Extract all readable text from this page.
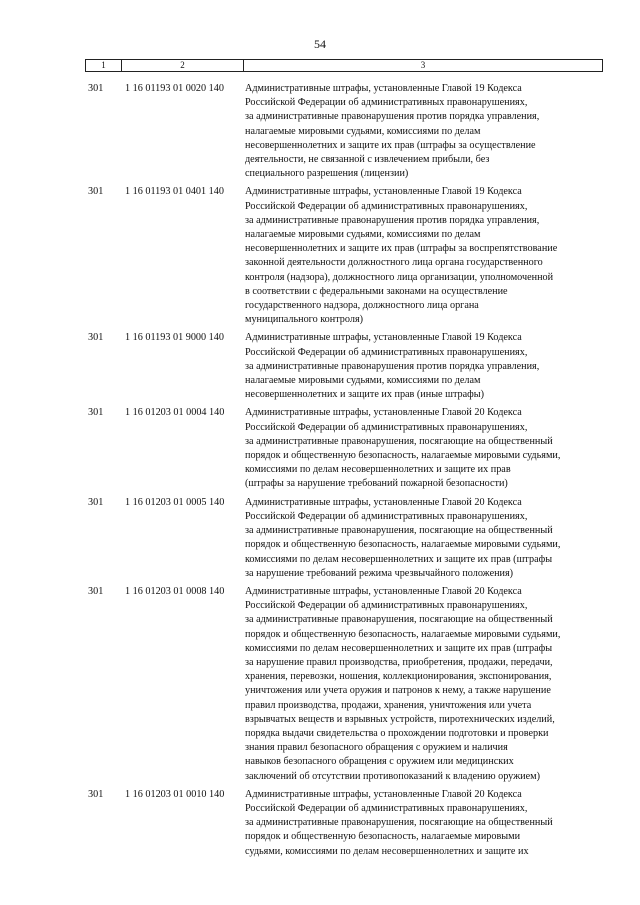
54
1	2	3
301	1 16 01193 01 0020 140	Административные штрафы, установленные Главой 19 Кодекса
Российской Федерации об административных правонарушениях,
за административные правонарушения против порядка управления,
налагаемые мировыми судьями, комиссиями по делам
несовершеннолетних и защите их прав (штрафы за осуществление
деятельности, не связанной с извлечением прибыли, без
специального разрешения (лицензии)
301	1 16 01193 01 0401 140	Административные штрафы, установленные Главой 19 Кодекса
Российской Федерации об административных правонарушениях,
за административные правонарушения против порядка управления,
налагаемые мировыми судьями, комиссиями по делам
несовершеннолетних и защите их прав (штрафы за воспрепятствование
законной деятельности должностного лица органа государственного
контроля (надзора), должностного лица организации, уполномоченной
в соответствии с федеральными законами на осуществление
государственного надзора, должностного лица органа
муниципального контроля)
301	1 16 01193 01 9000 140	Административные штрафы, установленные Главой 19 Кодекса
Российской Федерации об административных правонарушениях,
за административные правонарушения против порядка управления,
налагаемые мировыми судьями, комиссиями по делам
несовершеннолетних и защите их прав (иные штрафы)
301	1 16 01203 01 0004 140	Административные штрафы, установленные Главой 20 Кодекса
Российской Федерации об административных правонарушениях,
за административные правонарушения, посягающие на общественный
порядок и общественную безопасность, налагаемые мировыми судьями,
комиссиями по делам несовершеннолетних и защите их прав
(штрафы за нарушение требований пожарной безопасности)
301	1 16 01203 01 0005 140	Административные штрафы, установленные Главой 20 Кодекса
Российской Федерации об административных правонарушениях,
за административные правонарушения, посягающие на общественный
порядок и общественную безопасность, налагаемые мировыми судьями,
комиссиями по делам несовершеннолетних и защите их прав (штрафы
за нарушение требований режима чрезвычайного положения)
301	1 16 01203 01 0008 140	Административные штрафы, установленные Главой 20 Кодекса
Российской Федерации об административных правонарушениях,
за административные правонарушения, посягающие на общественный
порядок и общественную безопасность, налагаемые мировыми судьями,
комиссиями по делам несовершеннолетних и защите их прав (штрафы
за нарушение правил производства, приобретения, продажи, передачи,
хранения, перевозки, ношения, коллекционирования, экспонирования,
уничтожения или учета оружия и патронов к нему, а также нарушение
правил производства, продажи, хранения, уничтожения или учета
взрывчатых веществ и взрывных устройств, пиротехнических изделий,
порядка выдачи свидетельства о прохождении подготовки и проверки
знания правил безопасного обращения с оружием и наличия
навыков безопасного обращения с оружием или медицинских
заключений об отсутствии противопоказаний к владению оружием)
301	1 16 01203 01 0010 140	Административные штрафы, установленные Главой 20 Кодекса
Российской Федерации об административных правонарушениях,
за административные правонарушения, посягающие на общественный
порядок и общественную безопасность, налагаемые мировыми
судьями, комиссиями по делам несовершеннолетних и защите их
